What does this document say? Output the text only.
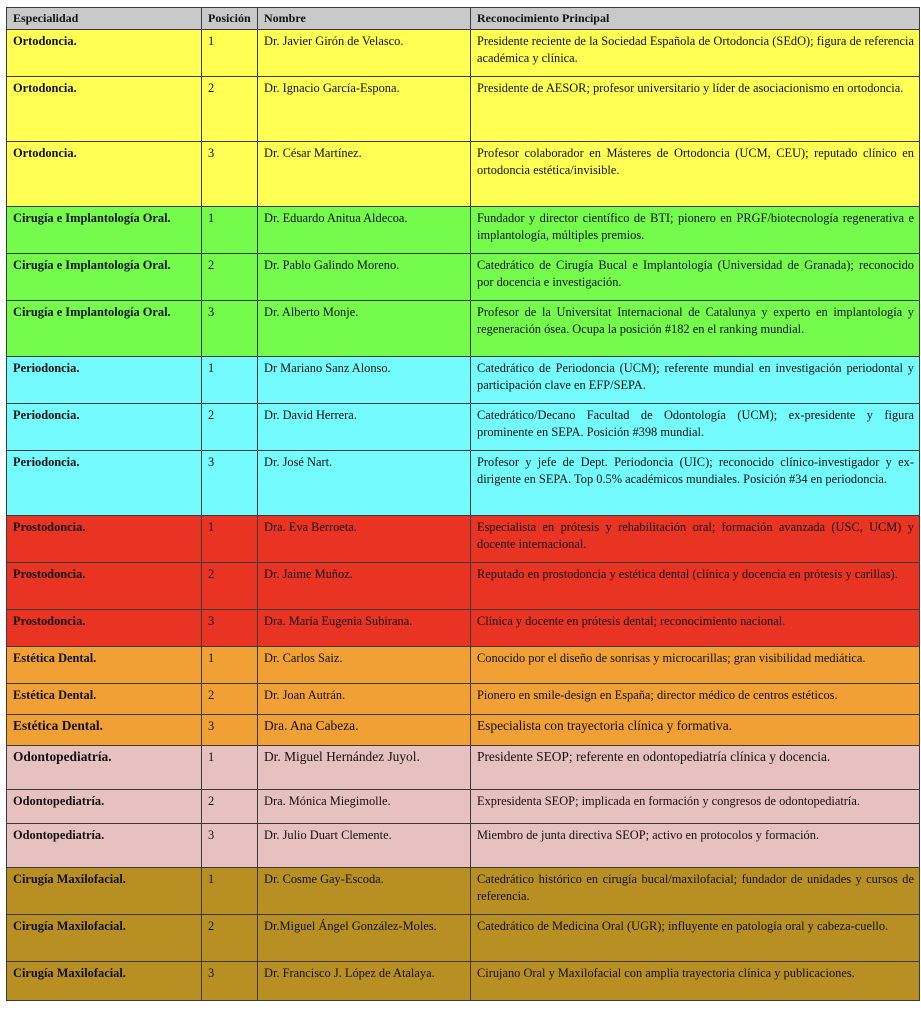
Especialidad	Posición	Nombre	Reconocimiento Principal
Ortodoncia.	1	Dr. Javier Girón de Velasco.	Presidente reciente de la Sociedad Española de Ortodoncia (SEdO); figura de referencia académica y clínica.
Ortodoncia.	2	Dr. Ignacio García-Espona.	Presidente de AESOR; profesor universitario y líder de asociacionismo en ortodoncia.
Ortodoncia.	3	Dr. César Martínez.	Profesor colaborador en Másteres de Ortodoncia (UCM, CEU); reputado clínico en ortodoncia estética/invisible.
Cirugía e Implantología Oral.	1	Dr. Eduardo Anitua Aldecoa.	Fundador y director científico de BTI; pionero en PRGF/biotecnología regenerativa e implantología, múltiples premios.
Cirugía e Implantología Oral.	2	Dr. Pablo Galindo Moreno.	Catedrático de Cirugía Bucal e Implantología (Universidad de Granada); reconocido por docencia e investigación.
Cirugía e Implantología Oral.	3	Dr. Alberto Monje.	Profesor de la Universitat Internacional de Catalunya y experto en implantología y regeneración ósea. Ocupa la posición #182 en el ranking mundial.
Periodoncia.	1	Dr Mariano Sanz Alonso.	Catedrático de Periodoncia (UCM); referente mundial en investigación periodontal y participación clave en EFP/SEPA.
Periodoncia.	2	Dr. David Herrera.	Catedrático/Decano Facultad de Odontología (UCM); ex-presidente y figura prominente en SEPA. Posición #398 mundial.
Periodoncia.	3	Dr. José Nart.	Profesor y jefe de Dept. Periodoncia (UIC); reconocido clínico-investigador y ex-dirigente en SEPA. Top 0.5% académicos mundiales. Posición #34 en periodoncia.
Prostodoncia.	1	Dra. Eva Berroeta.	Especialista en prótesis y rehabilitación oral; formación avanzada (USC, UCM) y docente internacional.
Prostodoncia.	2	Dr. Jaime Muñoz.	Reputado en prostodoncia y estética dental (clínica y docencia en prótesis y carillas).
Prostodoncia.	3	Dra. María Eugenia Subirana.	Clínica y docente en prótesis dental; reconocimiento nacional.
Estética Dental.	1	Dr. Carlos Saiz.	Conocido por el diseño de sonrisas y microcarillas; gran visibilidad mediática.
Estética Dental.	2	Dr. Joan Autrán.	Pionero en smile-design en España; director médico de centros estéticos.
Estética Dental.	3	Dra. Ana Cabeza.	Especialista con trayectoria clínica y formativa.
Odontopediatría.	1	Dr. Miguel Hernández Juyol.	Presidente SEOP; referente en odontopediatría clínica y docencia.
Odontopediatría.	2	Dra. Mónica Miegimolle.	Expresidenta SEOP; implicada en formación y congresos de odontopediatría.
Odontopediatría.	3	Dr. Julio Duart Clemente.	Miembro de junta directiva SEOP; activo en protocolos y formación.
Cirugía Maxilofacial.	1	Dr. Cosme Gay-Escoda.	Catedrático histórico en cirugía bucal/maxilofacial; fundador de unidades y cursos de referencia.
Cirugía Maxilofacial.	2	Dr.Miguel Ángel González-Moles.	Catedrático de Medicina Oral (UGR); influyente en patología oral y cabeza-cuello.
Cirugía Maxilofacial.	3	Dr. Francisco J. López de Atalaya.	Cirujano Oral y Maxilofacial con amplia trayectoria clínica y publicaciones.
